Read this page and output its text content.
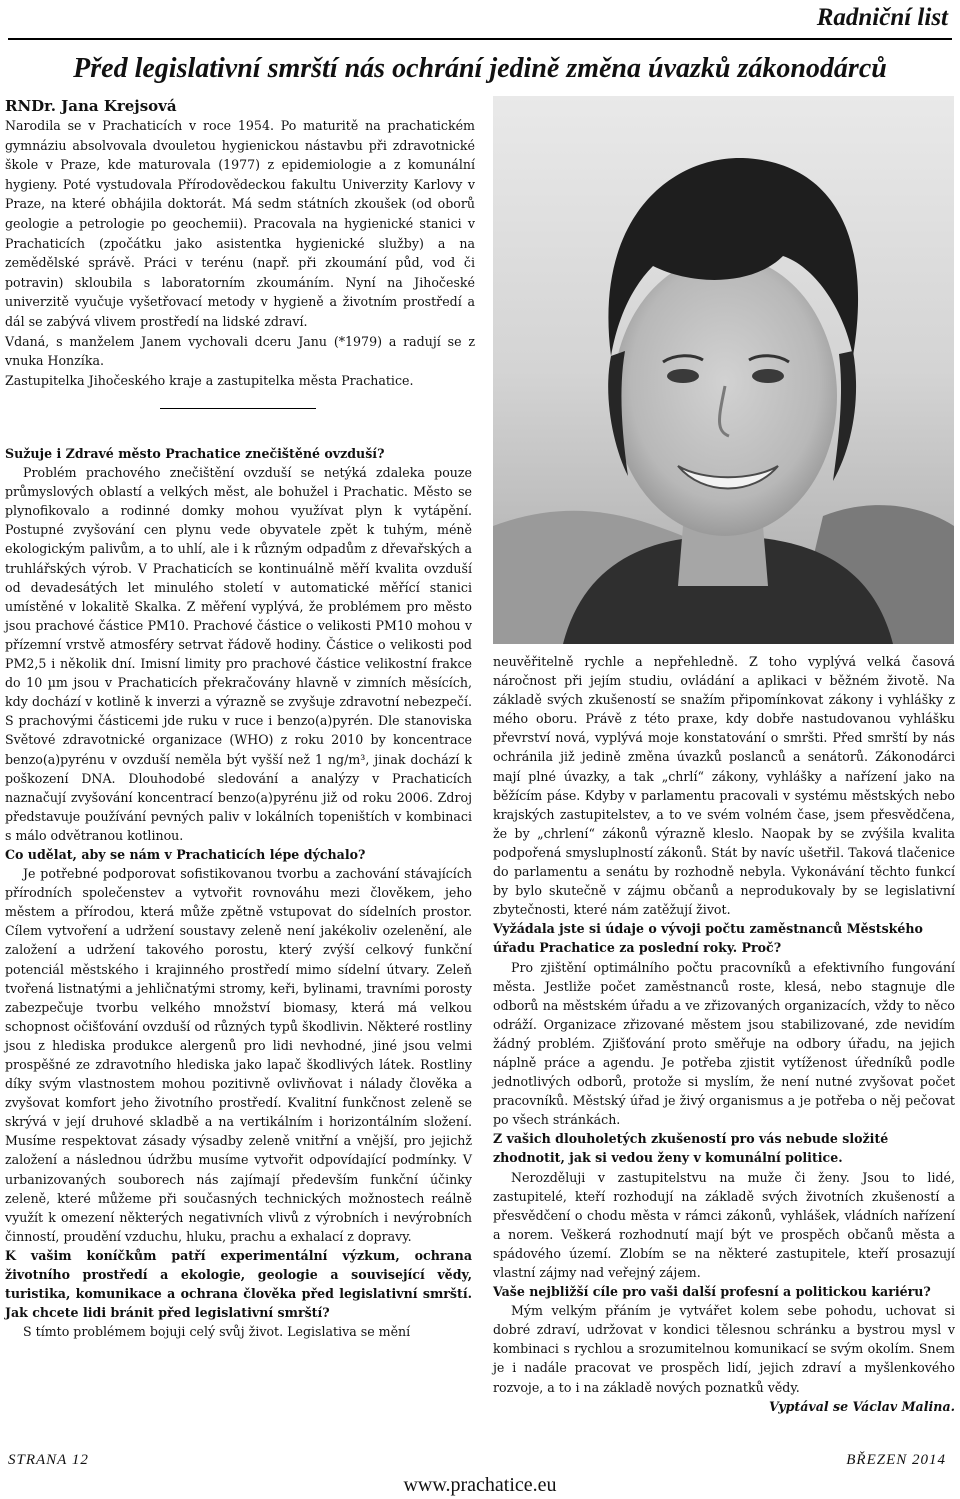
Radniční list
Před legislativní smrští nás ochrání jedině změna úvazků zákonodárců

RNDr. Jana Krejsová

Narodila se v Prachaticích v roce 1954. Po maturitě na prachatickém gymnáziu absolvovala dvouletou hygienickou nástavbu při zdravotnické škole v Praze, kde maturovala (1977) z epidemiologie a z komunální hygieny. Poté vystudovala Přírodovědeckou fakultu Univerzity Karlovy v Praze, na které obhájila doktorát. Má sedm státních zkoušek (od oborů geologie a petrologie po geochemii). Pracovala na hygienické stanici v Prachaticích (zpočátku jako asistentka hygienické služby) a na zemědělské správě. Práci v terénu (např. při zkoumání půd, vod či potravin) skloubila s laboratorním zkoumáním. Nyní na Jihočeské univerzitě vyučuje vyšetřovací metody v hygieně a životním prostředí a dál se zabývá vlivem prostředí na lidské zdraví.

Vdaná, s manželem Janem vychovali dceru Janu (*1979) a radují se z vnuka Honzíka.

Zastupitelka Jihočeského kraje a zastupitelka města Prachatice.

Sužuje i Zdravé město Prachatice znečištěné ovzduší?

Problém prachového znečištění ovzduší se netýká zdaleka pouze průmyslových oblastí a velkých měst, ale bohužel i Prachatic. Město se plynofikovalo a rodinné domky mohou využívat plyn k vytápění. Postupné zvyšování cen plynu vede obyvatele zpět k tuhým, méně ekologickým palivům, a to uhlí, ale i k různým odpadům z dřevařských a truhlářských výrob. V Prachaticích se kontinuálně měří kvalita ovzduší od devadesátých let minulého století v automatické měřící stanici umístěné v lokalitě Skalka. Z měření vyplývá, že problémem pro město jsou prachové částice PM10. Prachové částice o velikosti PM10 mohou v přízemní vrstvě atmosféry setrvat řádově hodiny. Částice o velikosti pod PM2,5 i několik dní. Imisní limity pro prachové částice velikostní frakce do 10 µm jsou v Prachaticích překračovány hlavně v zimních měsících, kdy dochází v kotlině k inverzi a výrazně se zvyšuje zdravotní nebezpečí. S prachovými částicemi jde ruku v ruce i benzo(a)pyrén. Dle stanoviska Světové zdravotnické organizace (WHO) z roku 2010 by koncentrace benzo(a)pyrénu v ovzduší neměla být vyšší než 1 ng/m³, jinak dochází k poškození DNA. Dlouhodobé sledování a analýzy v Prachaticích naznačují zvyšování koncentrací benzo(a)pyrénu již od roku 2006. Zdroj představuje používání pevných paliv v lokálních topeništích v kombinaci s málo odvětranou kotlinou.

Co udělat, aby se nám v Prachaticích lépe dýchalo?

Je potřebné podporovat sofistikovanou tvorbu a zachování stávajících přírodních společenstev a vytvořit rovnováhu mezi člověkem, jeho městem a přírodou, která může zpětně vstupovat do sídelních prostor. Cílem vytvoření a udržení soustavy zeleně není jakékoliv ozelenění, ale založení a udržení takového porostu, který zvýší celkový funkční potenciál městského i krajinného prostředí mimo sídelní útvary. Zeleň tvořená listnatými a jehličnatými stromy, keři, bylinami, travními porosty zabezpečuje tvorbu velkého množství biomasy, která má velkou schopnost očišťování ovzduší od různých typů škodlivin. Některé rostliny jsou z hlediska produkce alergenů pro lidi nevhodné, jiné jsou velmi prospěšné ze zdravotního hlediska jako lapač škodlivých látek. Rostliny díky svým vlastnostem mohou pozitivně ovlivňovat i nálady člověka a zvyšovat komfort jeho životního prostředí. Kvalitní funkčnost zeleně se skrývá v její druhové skladbě a na vertikálním i horizontálním složení. Musíme respektovat zásady výsadby zeleně vnitřní a vnější, pro jejichž založení a následnou údržbu musíme vytvořit odpovídající podmínky. V urbanizovaných souborech nás zajímají především funkční účinky zeleně, které můžeme při současných technických možnostech reálně využít k omezení některých negativních vlivů z výrobních i nevýrobních činností, proudění vzduchu, hluku, prachu a exhalací z dopravy.

K vašim koníčkům patří experimentální výzkum, ochrana životního prostředí a ekologie, geologie a související vědy, turistika, komunikace a ochrana člověka před legislativní smrští. Jak chcete lidi bránit před legislativní smrští?

S tímto problémem bojuji celý svůj život. Legislativa se mění

neuvěřitelně rychle a nepřehledně. Z toho vyplývá velká časová náročnost při jejím studiu, ovládání a aplikaci v běžném životě. Na základě svých zkušeností se snažím připomínkovat zákony i vyhlášky z mého oboru. Právě z této praxe, kdy dobře nastudovanou vyhlášku převrství nová, vyplývá moje konstatování o smršti. Před smrští by nás ochránila již jedině změna úvazků poslanců a senátorů. Zákonodárci mají plné úvazky, a tak „chrlí“ zákony, vyhlášky a nařízení jako na běžícím páse. Kdyby v parlamentu pracovali v systému městských nebo krajských zastupitelstev, a to ve svém volném čase, jsem přesvědčena, že by „chrlení“ zákonů výrazně kleslo. Naopak by se zvýšila kvalita podpořená smysluplností zákonů. Stát by navíc ušetřil. Taková tlačenice do parlamentu a senátu by rozhodně nebyla. Vykonávání těchto funkcí by bylo skutečně v zájmu občanů a neprodukovaly by se legislativní zbytečnosti, které nám zatěžují život.

Vyžádala jste si údaje o vývoji počtu zaměstnanců Městského úřadu Prachatice za poslední roky. Proč?

Pro zjištění optimálního počtu pracovníků a efektivního fungování města. Jestliže počet zaměstnanců roste, klesá, nebo stagnuje dle odborů na městském úřadu a ve zřizovaných organizacích, vždy to něco odráží. Organizace zřizované městem jsou stabilizované, zde nevidím žádný problém. Zjišťování proto směřuje na odbory úřadu, na jejich náplně práce a agendu. Je potřeba zjistit vytíženost úředníků podle jednotlivých odborů, protože si myslím, že není nutné zvyšovat počet pracovníků. Městský úřad je živý organismus a je potřeba o něj pečovat po všech stránkách.

Z vašich dlouholetých zkušeností pro vás nebude složité zhodnotit, jak si vedou ženy v komunální politice.

Nerozděluji v zastupitelstvu na muže či ženy. Jsou to lidé, zastupitelé, kteří rozhodují na základě svých životních zkušeností a přesvědčení o chodu města v rámci zákonů, vyhlášek, vládních nařízení a norem. Veškerá rozhodnutí mají být ve prospěch občanů města a spádového území. Zlobím se na některé zastupitele, kteří prosazují vlastní zájmy nad veřejný zájem.

Vaše nejbližší cíle pro vaši další profesní a politickou kariéru?

Mým velkým přáním je vytvářet kolem sebe pohodu, uchovat si dobré zdraví, udržovat v kondici tělesnou schránku a bystrou mysl v kombinaci s rychlou a srozumitelnou komunikací se svým okolím. Snem je i nadále pracovat ve prospěch lidí, jejich zdraví a myšlenkového rozvoje, a to i na základě nových poznatků vědy.

Vyptával se Václav Malina.

STRANA 12	BŘEZEN 2014
www.prachatice.eu
